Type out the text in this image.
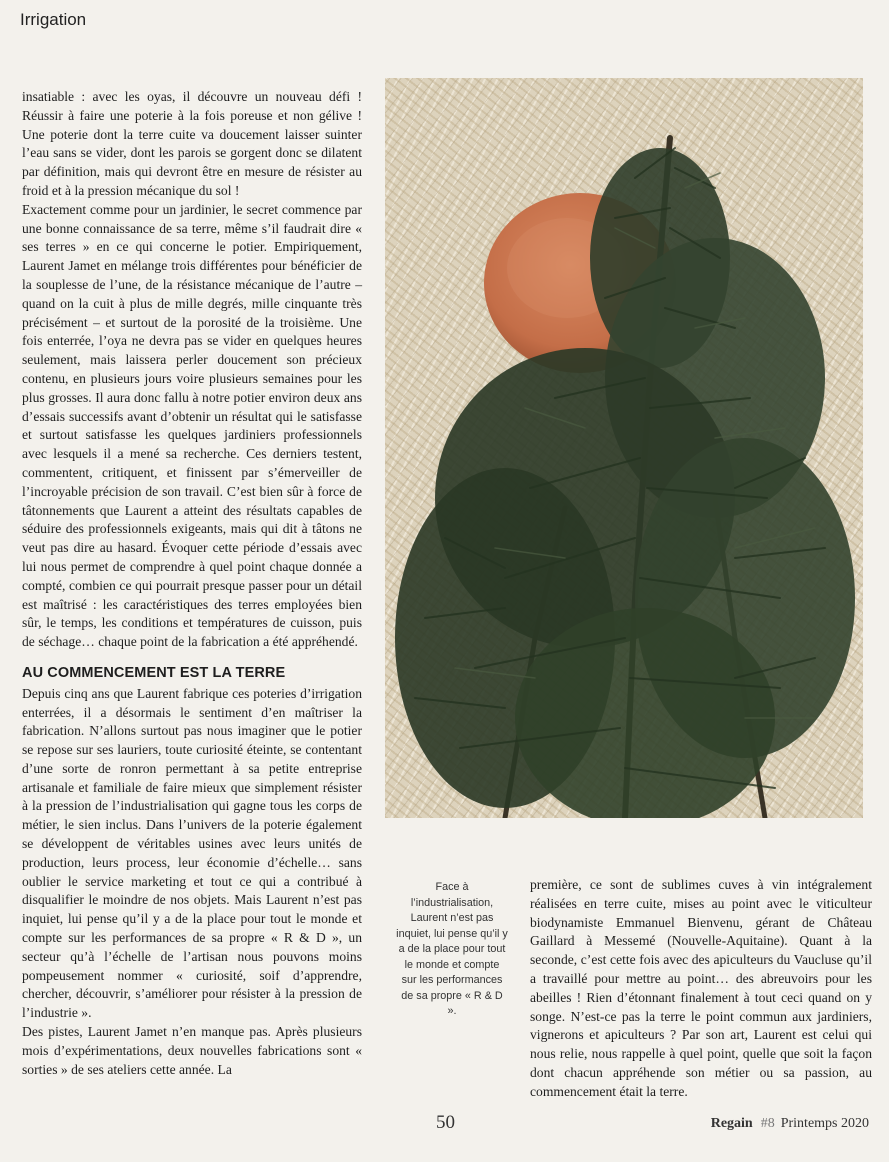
Irrigation

insatiable : avec les oyas, il découvre un nouveau défi ! Réussir à faire une poterie à la fois poreuse et non gélive ! Une poterie dont la terre cuite va doucement laisser suinter l’eau sans se vider, dont les parois se gorgent donc se dilatent par définition, mais qui devront être en mesure de résister au froid et à la pression mécanique du sol !

Exactement comme pour un jardinier, le secret commence par une bonne connaissance de sa terre, même s’il faudrait dire « ses terres » en ce qui concerne le potier. Empiriquement, Laurent Jamet en mélange trois différentes pour bénéficier de la souplesse de l’une, de la résistance mécanique de l’autre – quand on la cuit à plus de mille degrés, mille cinquante très précisément – et surtout de la porosité de la troisième. Une fois enterrée, l’oya ne devra pas se vider en quelques heures seulement, mais laissera perler doucement son précieux contenu, en plusieurs jours voire plusieurs semaines pour les plus grosses. Il aura donc fallu à notre potier environ deux ans d’essais successifs avant d’obtenir un résultat qui le satisfasse et surtout satisfasse les quelques jardiniers professionnels avec lesquels il a mené sa recherche. Ces derniers testent, commentent, critiquent, et finissent par s’émerveiller de l’incroyable précision de son travail. C’est bien sûr à force de tâtonnements que Laurent a atteint des résultats capables de séduire des professionnels exigeants, mais qui dit à tâtons ne veut pas dire au hasard. Évoquer cette période d’essais avec lui nous permet de comprendre à quel point chaque donnée a compté, combien ce qui pourrait presque passer pour un détail est maîtrisé : les caractéristiques des terres employées bien sûr, le temps, les conditions et températures de cuisson, puis de séchage… chaque point de la fabrication a été appréhendé.

AU COMMENCEMENT EST LA TERRE

Depuis cinq ans que Laurent fabrique ces poteries d’irrigation enterrées, il a désormais le sentiment d’en maîtriser la fabrication. N’allons surtout pas nous imaginer que le potier se repose sur ses lauriers, toute curiosité éteinte, se contentant d’une sorte de ronron permettant à sa petite entreprise artisanale et familiale de faire mieux que simplement résister à la pression de l’industrialisation qui gagne tous les corps de métier, le sien inclus. Dans l’univers de la poterie également se développent de véritables usines avec leurs unités de production, leurs process, leur économie d’échelle… sans oublier le service marketing et tout ce qui a contribué à disqualifier le moindre de nos objets. Mais Laurent n’est pas inquiet, lui pense qu’il y a de la place pour tout le monde et compte sur les performances de sa propre « R & D », un secteur qu’à l’échelle de l’artisan nous pouvons moins pompeusement nommer « curiosité, soif d’apprendre, chercher, découvrir, s’améliorer pour résister à la pression de l’industrie ».

Des pistes, Laurent Jamet n’en manque pas. Après plusieurs mois d’expérimentations, deux nouvelles fabrications sont « sorties » de ses ateliers cette année. La

Face à l’industrialisation, Laurent n’est pas inquiet, lui pense qu’il y a de la place pour tout le monde et compte sur les performances de sa propre « R & D ».

première, ce sont de sublimes cuves à vin intégralement réalisées en terre cuite, mises au point avec le viticulteur biodynamiste Emmanuel Bienvenu, gérant de Château Gaillard à Messemé (Nouvelle-Aquitaine). Quant à la seconde, c’est cette fois avec des apiculteurs du Vaucluse qu’il a travaillé pour mettre au point… des abreuvoirs pour les abeilles ! Rien d’étonnant finalement à tout ceci quand on y songe. N’est-ce pas la terre le point commun aux jardiniers, vignerons et apiculteurs ? Par son art, Laurent est celui qui nous relie, nous rappelle à quel point, quelle que soit la façon dont chacun appréhende son métier ou sa passion, au commencement était la terre.

50	Regain #8 Printemps 2020
